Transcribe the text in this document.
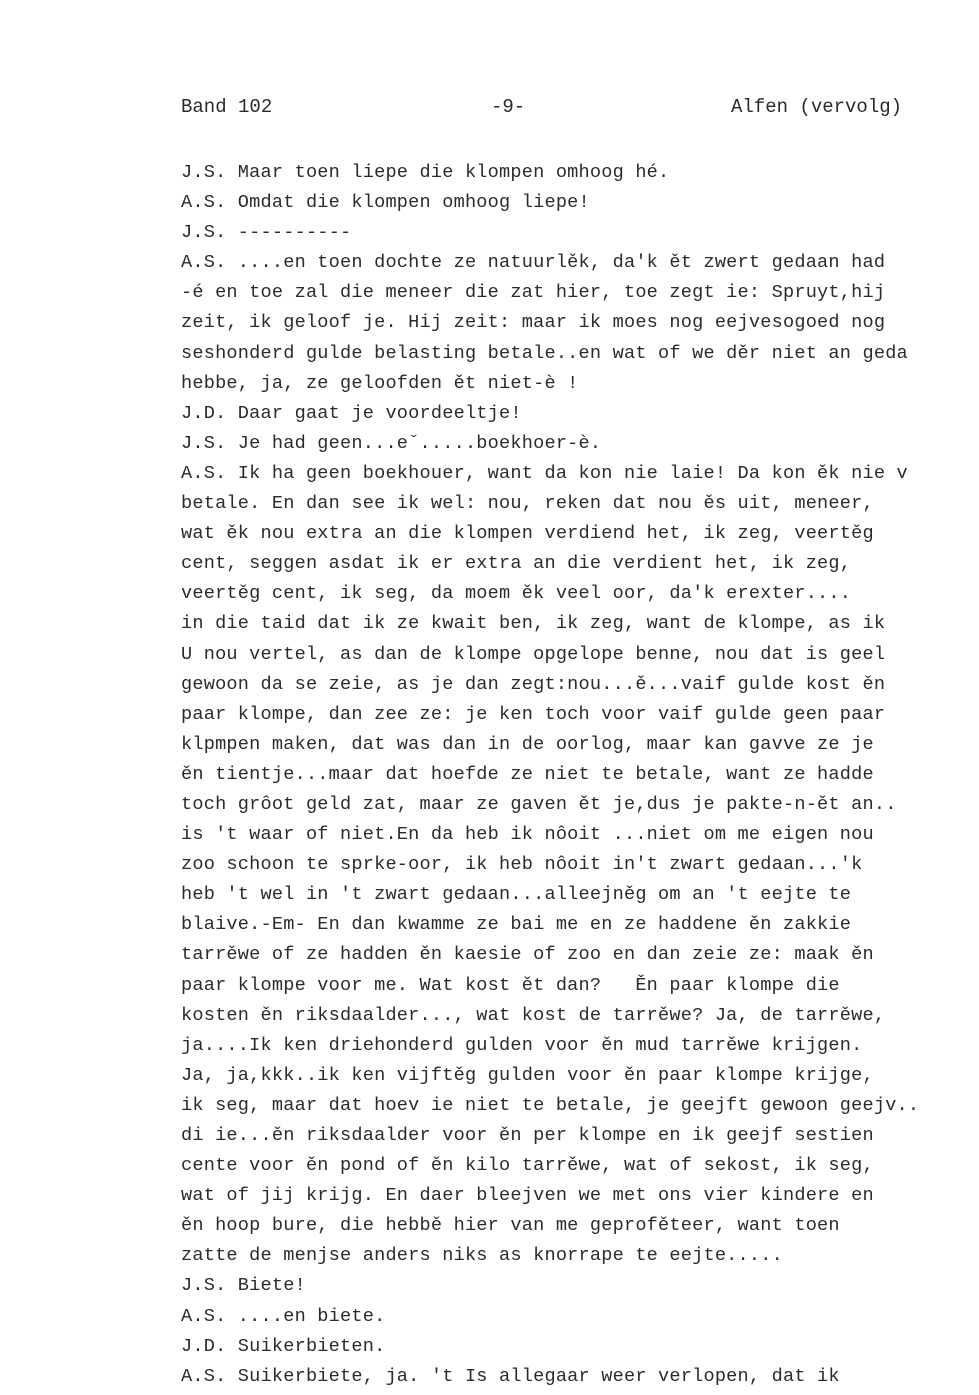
Band 102	-9-	Alfen (vervolg)
J.S. Maar toen liepe die klompen omhoog hé.
A.S. Omdat die klompen omhoog liepe!
J.S. ----------
A.S. ....en toen dochte ze natuurlěk, da'k ět zwert gedaan had
-é en toe zal die meneer die zat hier, toe zegt ie: Spruyt,hij
zeit, ik geloof je. Hij zeit: maar ik moes nog eejvesogoed nog
seshonderd gulde belasting betale..en wat of we děr niet an geda
hebbe, ja, ze geloofden ět niet-è !
J.D. Daar gaat je voordeeltje!
J.S. Je had geen...eˇ.....boekhoer-è.
A.S. Ik ha geen boekhouer, want da kon nie laie! Da kon ěk nie v
betale. En dan see ik wel: nou, reken dat nou ěs uit, meneer,
wat ěk nou extra an die klompen verdiend het, ik zeg, veertěg
cent, seggen asdat ik er extra an die verdient het, ik zeg,
veertěg cent, ik seg, da moem ěk veel oor, da'k erexter....
in die taid dat ik ze kwait ben, ik zeg, want de klompe, as ik
U nou vertel, as dan de klompe opgelope benne, nou dat is geel
gewoon da se zeie, as je dan zegt:nou...ě...vaif gulde kost ěn
paar klompe, dan zee ze: je ken toch voor vaif gulde geen paar
klpmpen maken, dat was dan in de oorlog, maar kan gavve ze je
ěn tientje...maar dat hoefde ze niet te betale, want ze hadde
toch grôot geld zat, maar ze gaven ět je,dus je pakte-n-ět an..
is 't waar of niet.En da heb ik nôoit ...niet om me eigen nou
zoo schoon te sprke-oor, ik heb nôoit in't zwart gedaan...'k
heb 't wel in 't zwart gedaan...alleejněg om an 't eejte te
blaive.-Em- En dan kwamme ze bai me en ze haddene ěn zakkie
tarrěwe of ze hadden ěn kaesie of zoo en dan zeie ze: maak ěn
paar klompe voor me. Wat kost ět dan?   Ěn paar klompe die
kosten ěn riksdaalder..., wat kost de tarrěwe? Ja, de tarrěwe,
ja....Ik ken driehonderd gulden voor ěn mud tarrěwe krijgen.
Ja, ja,kkk..ik ken vijftěg gulden voor ěn paar klompe krijge,
ik seg, maar dat hoev ie niet te betale, je geejft gewoon geejv..
di ie...ěn riksdaalder voor ěn per klompe en ik geejf sestien
cente voor ěn pond of ěn kilo tarrěwe, wat of sekost, ik seg,
wat of jij krijg. En daer bleejven we met ons vier kindere en
ěn hoop bure, die hebbě hier van me geprofěteer, want toen
zatte de menjse anders niks as knorrape te eejte.....
J.S. Biete!
A.S. ....en biete.
J.D. Suikerbieten.
A.S. Suikerbiete, ja. 't Is allegaar weer verlopen, dat ik
